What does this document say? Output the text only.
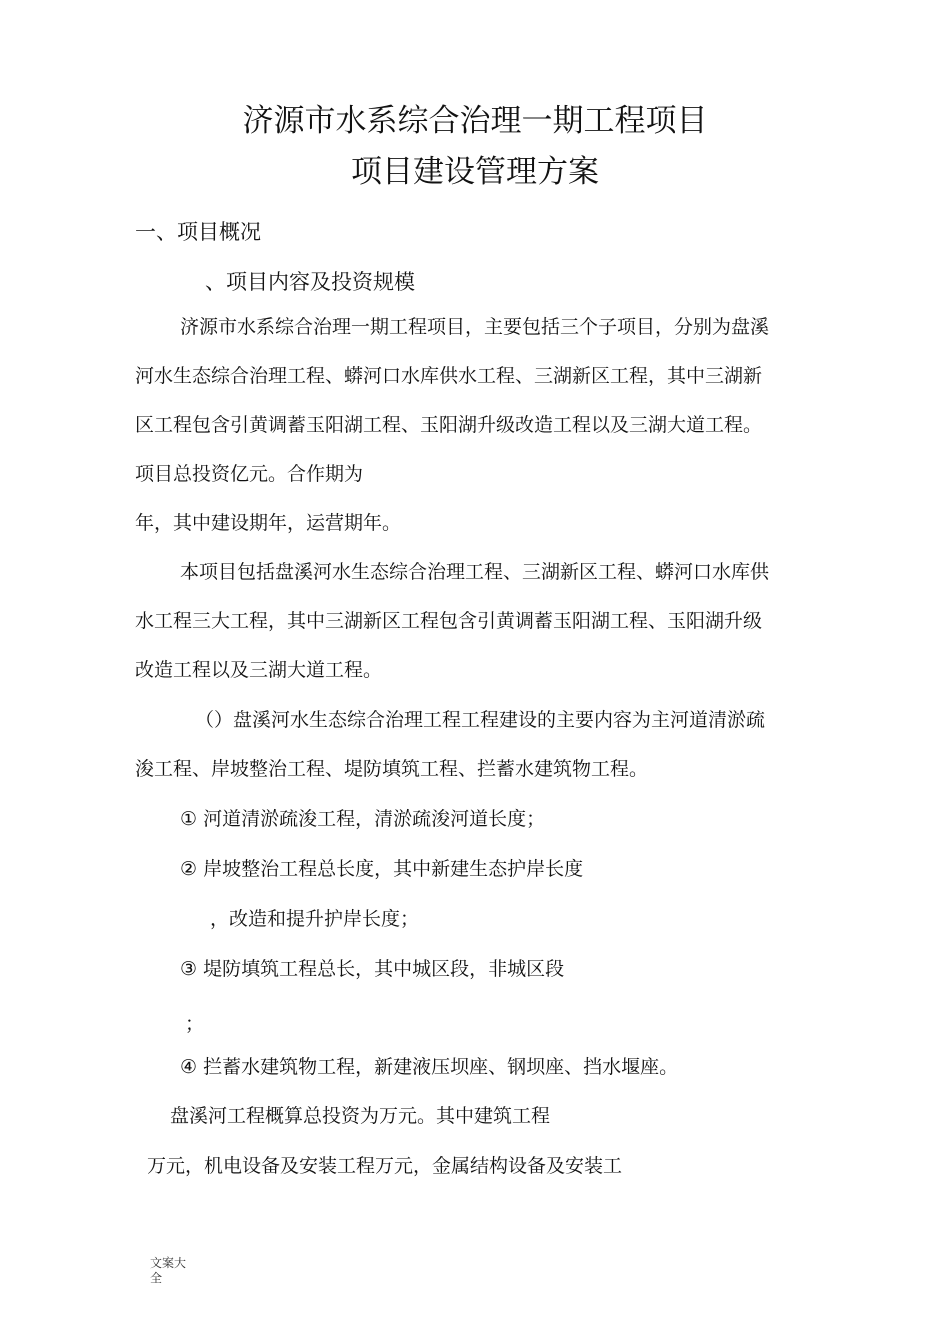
济源市水系综合治理一期工程项目
项目建设管理方案
一、项目概况
、项目内容及投资规模
济源市水系综合治理一期工程项目，主要包括三个子项目，分别为盘溪
河水生态综合治理工程、蟒河口水库供水工程、三湖新区工程，其中三湖新
区工程包含引黄调蓄玉阳湖工程、玉阳湖升级改造工程以及三湖大道工程。
项目总投资亿元。合作期为
年，其中建设期年，运营期年。
本项目包括盘溪河水生态综合治理工程、三湖新区工程、蟒河口水库供
水工程三大工程，其中三湖新区工程包含引黄调蓄玉阳湖工程、玉阳湖升级
改造工程以及三湖大道工程。
（）盘溪河水生态综合治理工程工程建设的主要内容为主河道清淤疏
浚工程、岸坡整治工程、堤防填筑工程、拦蓄水建筑物工程。
① 河道清淤疏浚工程，清淤疏浚河道长度；
② 岸坡整治工程总长度，其中新建生态护岸长度
，改造和提升护岸长度；
③ 堤防填筑工程总长，其中城区段，非城区段
；
④ 拦蓄水建筑物工程，新建液压坝座、钢坝座、挡水堰座。
盘溪河工程概算总投资为万元。其中建筑工程
万元，机电设备及安装工程万元，金属结构设备及安装工
文案大全
